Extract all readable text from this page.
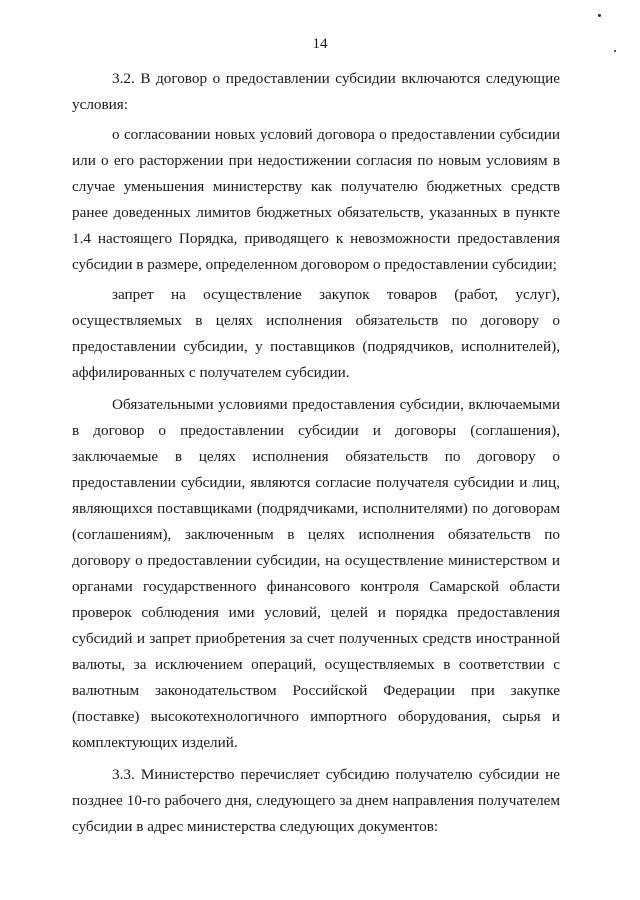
14

3.2. В договор о предоставлении субсидии включаются следующие условия:

о согласовании новых условий договора о предоставлении субсидии или о его расторжении при недостижении согласия по новым условиям в случае уменьшения министерству как получателю бюджетных средств ранее доведенных лимитов бюджетных обязательств, указанных в пункте 1.4 настоящего Порядка, приводящего к невозможности предоставления субсидии в размере, определенном договором о предоставлении субсидии;

запрет на осуществление закупок товаров (работ, услуг), осуществляемых в целях исполнения обязательств по договору о предоставлении субсидии, у поставщиков (подрядчиков, исполнителей), аффилированных с получателем субсидии.

Обязательными условиями предоставления субсидии, включаемыми в договор о предоставлении субсидии и договоры (соглашения), заключаемые в целях исполнения обязательств по договору о предоставлении субсидии, являются согласие получателя субсидии и лиц, являющихся поставщиками (подрядчиками, исполнителями) по договорам (соглашениям), заключенным в целях исполнения обязательств по договору о предоставлении субсидии, на осуществление министерством и органами государственного финансового контроля Самарской области проверок соблюдения ими условий, целей и порядка предоставления субсидий и запрет приобретения за счет полученных средств иностранной валюты, за исключением операций, осуществляемых в соответствии с валютным законодательством Российской Федерации при закупке (поставке) высокотехнологичного импортного оборудования, сырья и комплектующих изделий.

3.3. Министерство перечисляет субсидию получателю субсидии не позднее 10-го рабочего дня, следующего за днем направления получателем субсидии в адрес министерства следующих документов:
